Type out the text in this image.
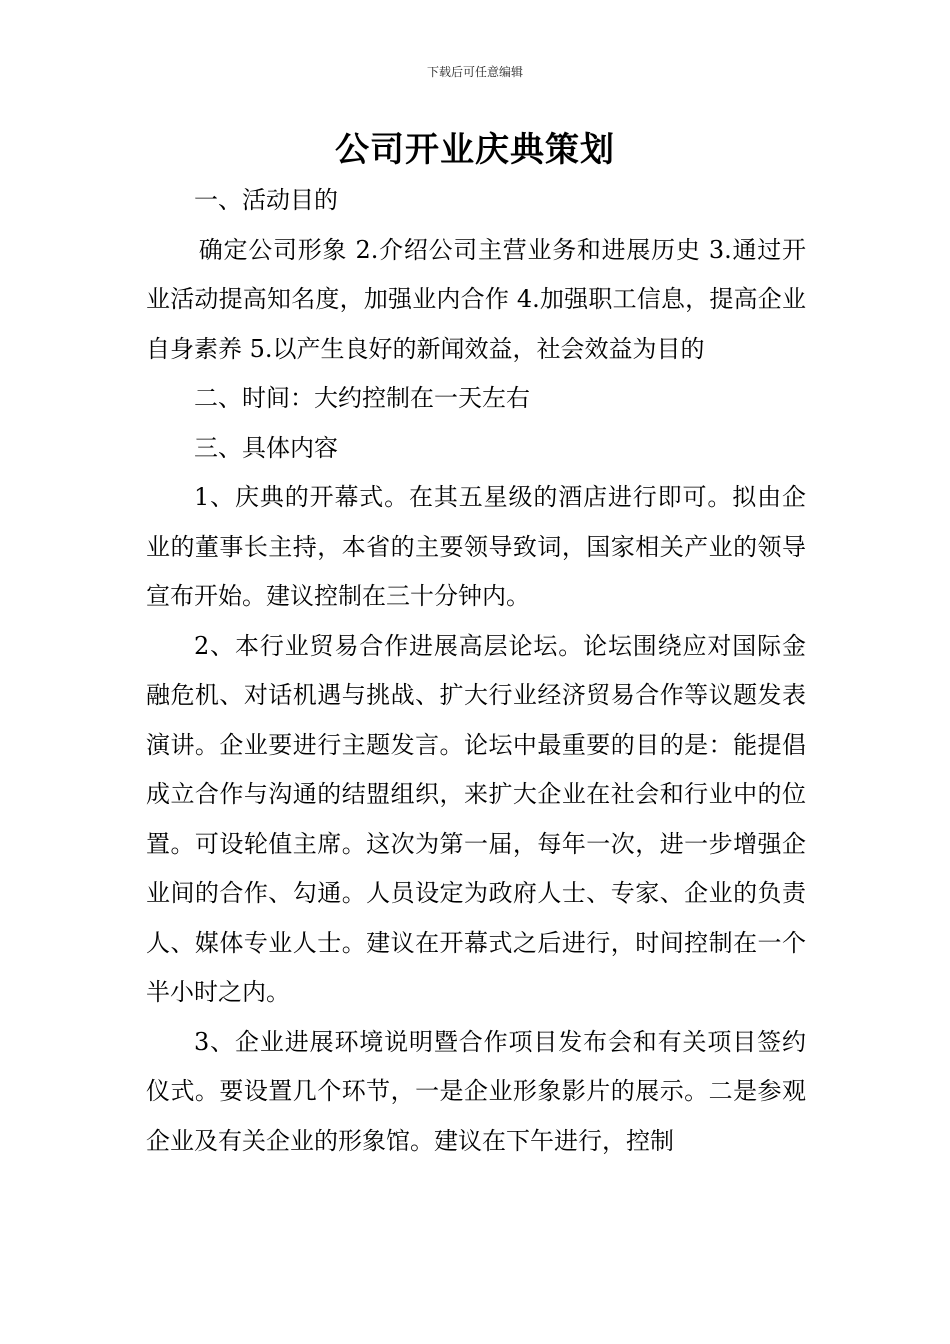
下载后可任意编辑
公司开业庆典策划

一、活动目的

确定公司形象 2.介绍公司主营业务和进展历史 3.通过开业活动提高知名度，加强业内合作 4.加强职工信息，提高企业自身素养 5.以产生良好的新闻效益，社会效益为目的

二、时间：大约控制在一天左右

三、具体内容

1、庆典的开幕式。在其五星级的酒店进行即可。拟由企业的董事长主持，本省的主要领导致词，国家相关产业的领导宣布开始。建议控制在三十分钟内。

2、本行业贸易合作进展高层论坛。论坛围绕应对国际金融危机、对话机遇与挑战、扩大行业经济贸易合作等议题发表演讲。企业要进行主题发言。论坛中最重要的目的是：能提倡成立合作与沟通的结盟组织，来扩大企业在社会和行业中的位置。可设轮值主席。这次为第一届，每年一次，进一步增强企业间的合作、勾通。人员设定为政府人士、专家、企业的负责人、媒体专业人士。建议在开幕式之后进行，时间控制在一个半小时之内。

3、企业进展环境说明暨合作项目发布会和有关项目签约仪式。要设置几个环节，一是企业形象影片的展示。二是参观企业及有关企业的形象馆。建议在下午进行，控制
